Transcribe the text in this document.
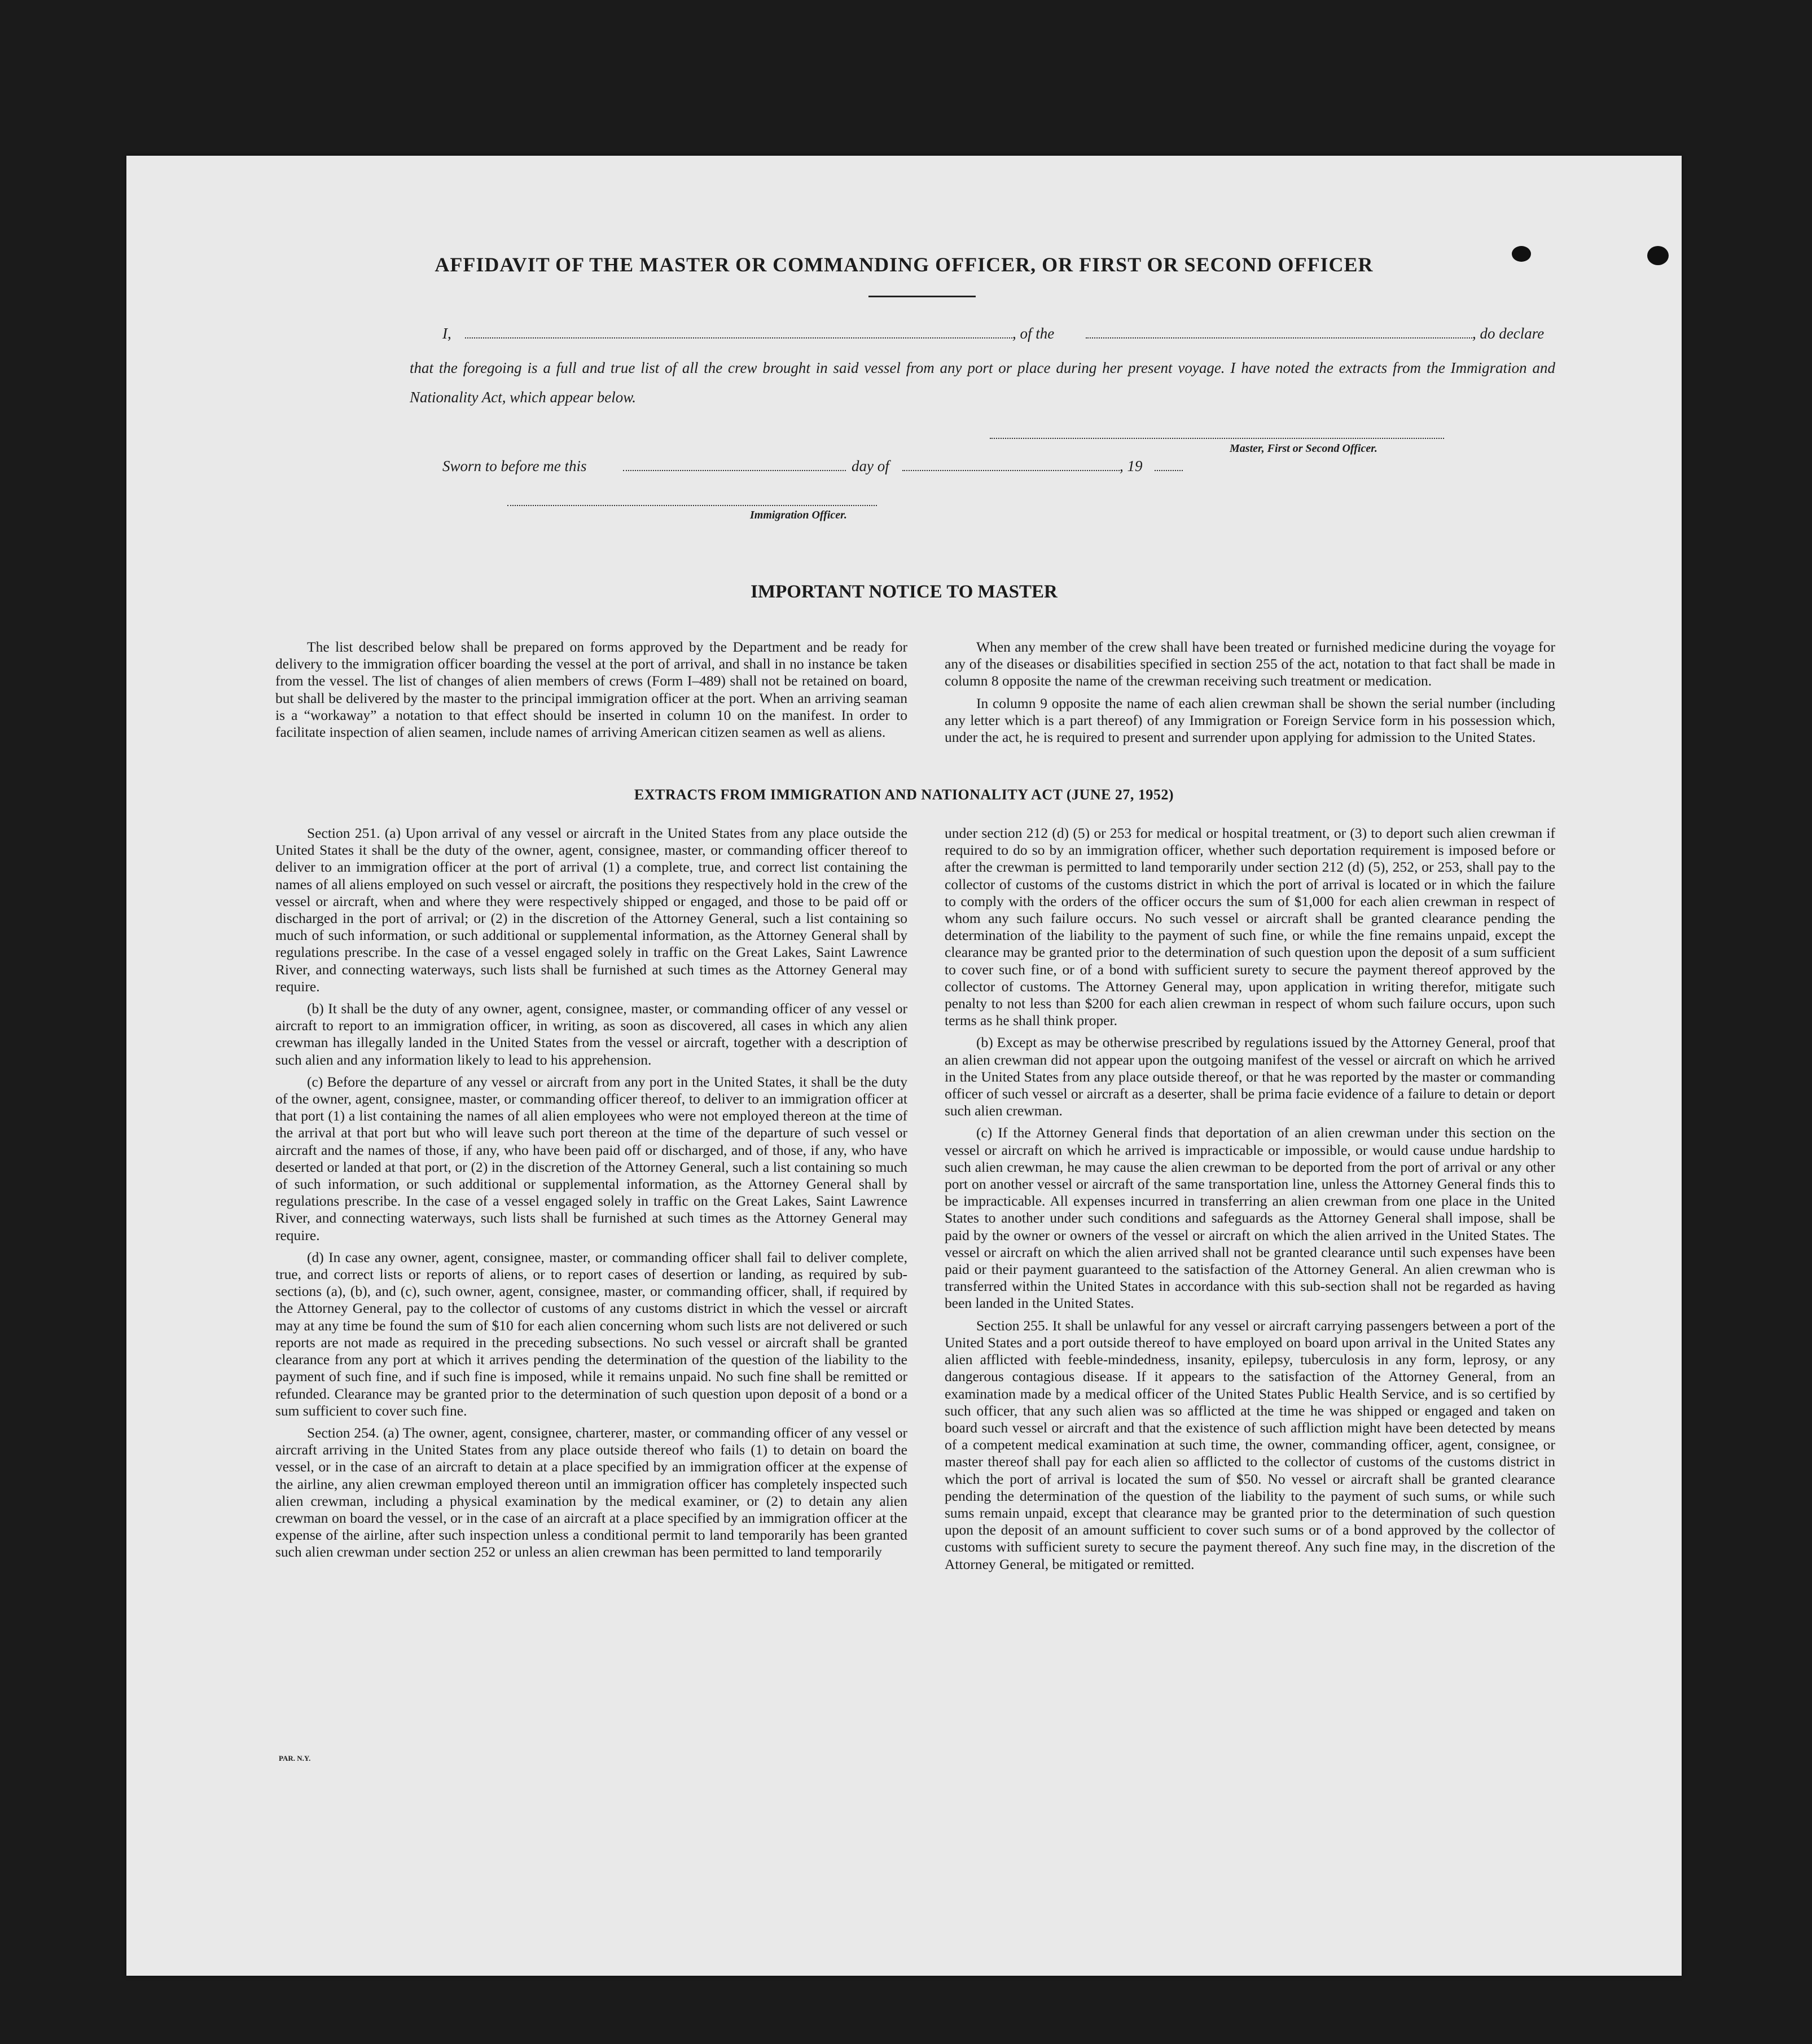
AFFIDAVIT OF THE MASTER OR COMMANDING OFFICER, OR FIRST OR SECOND OFFICER
I,	, of the	, do declare

that the foregoing is a full and true list of all the crew brought in said vessel from any port or place during her present voyage. I have noted the extracts from the Immigration and Nationality Act, which appear below.

Master, First or Second Officer.
Sworn to before me this	day of	, 19
Immigration Officer.
IMPORTANT NOTICE TO MASTER

The list described below shall be prepared on forms approved by the Department and be ready for delivery to the immigration officer boarding the vessel at the port of arrival, and shall in no instance be taken from the vessel. The list of changes of alien members of crews (Form I–489) shall not be retained on board, but shall be delivered by the master to the principal immigration officer at the port. When an arriving seaman is a “workaway” a notation to that effect should be inserted in column 10 on the manifest. In order to facilitate inspection of alien seamen, include names of arriving American citizen seamen as well as aliens.

When any member of the crew shall have been treated or furnished medicine during the voyage for any of the diseases or disabilities specified in section 255 of the act, notation to that fact shall be made in column 8 opposite the name of the crewman receiving such treatment or medication.

In column 9 opposite the name of each alien crewman shall be shown the serial number (including any letter which is a part thereof) of any Immigration or Foreign Service form in his possession which, under the act, he is required to present and surrender upon applying for admission to the United States.

EXTRACTS FROM IMMIGRATION AND NATIONALITY ACT (JUNE 27, 1952)

Section 251. (a) Upon arrival of any vessel or aircraft in the United States from any place outside the United States it shall be the duty of the owner, agent, consignee, master, or commanding officer thereof to deliver to an immigration officer at the port of arrival (1) a complete, true, and correct list containing the names of all aliens employed on such vessel or aircraft, the positions they respectively hold in the crew of the vessel or aircraft, when and where they were respectively shipped or engaged, and those to be paid off or discharged in the port of arrival; or (2) in the discretion of the Attorney General, such a list containing so much of such information, or such additional or supplemental information, as the Attorney General shall by regulations prescribe. In the case of a vessel engaged solely in traffic on the Great Lakes, Saint Lawrence River, and connecting waterways, such lists shall be furnished at such times as the Attorney General may require.

(b) It shall be the duty of any owner, agent, consignee, master, or commanding officer of any vessel or aircraft to report to an immigration officer, in writing, as soon as discovered, all cases in which any alien crewman has illegally landed in the United States from the vessel or aircraft, together with a description of such alien and any information likely to lead to his apprehension.

(c) Before the departure of any vessel or aircraft from any port in the United States, it shall be the duty of the owner, agent, consignee, master, or commanding officer thereof, to deliver to an immigration officer at that port (1) a list containing the names of all alien employees who were not employed thereon at the time of the arrival at that port but who will leave such port thereon at the time of the departure of such vessel or aircraft and the names of those, if any, who have been paid off or discharged, and of those, if any, who have deserted or landed at that port, or (2) in the discretion of the Attorney General, such a list containing so much of such information, or such additional or supplemental information, as the Attorney General shall by regulations prescribe. In the case of a vessel engaged solely in traffic on the Great Lakes, Saint Lawrence River, and connecting waterways, such lists shall be furnished at such times as the Attorney General may require.

(d) In case any owner, agent, consignee, master, or commanding officer shall fail to deliver complete, true, and correct lists or reports of aliens, or to report cases of desertion or landing, as required by sub-sections (a), (b), and (c), such owner, agent, consignee, master, or commanding officer, shall, if required by the Attorney General, pay to the collector of customs of any customs district in which the vessel or aircraft may at any time be found the sum of $10 for each alien concerning whom such lists are not delivered or such reports are not made as required in the preceding subsections. No such vessel or aircraft shall be granted clearance from any port at which it arrives pending the determination of the question of the liability to the payment of such fine, and if such fine is imposed, while it remains unpaid. No such fine shall be remitted or refunded. Clearance may be granted prior to the determination of such question upon deposit of a bond or a sum sufficient to cover such fine.

Section 254. (a) The owner, agent, consignee, charterer, master, or commanding officer of any vessel or aircraft arriving in the United States from any place outside thereof who fails (1) to detain on board the vessel, or in the case of an aircraft to detain at a place specified by an immigration officer at the expense of the airline, any alien crewman employed thereon until an immigration officer has completely inspected such alien crewman, including a physical examination by the medical examiner, or (2) to detain any alien crewman on board the vessel, or in the case of an aircraft at a place specified by an immigration officer at the expense of the airline, after such inspection unless a conditional permit to land temporarily has been granted such alien crewman under section 252 or unless an alien crewman has been permitted to land temporarily

under section 212 (d) (5) or 253 for medical or hospital treatment, or (3) to deport such alien crewman if required to do so by an immigration officer, whether such deportation requirement is imposed before or after the crewman is permitted to land temporarily under section 212 (d) (5), 252, or 253, shall pay to the collector of customs of the customs district in which the port of arrival is located or in which the failure to comply with the orders of the officer occurs the sum of $1,000 for each alien crewman in respect of whom any such failure occurs. No such vessel or aircraft shall be granted clearance pending the determination of the liability to the payment of such fine, or while the fine remains unpaid, except the clearance may be granted prior to the determination of such question upon the deposit of a sum sufficient to cover such fine, or of a bond with sufficient surety to secure the payment thereof approved by the collector of customs. The Attorney General may, upon application in writing therefor, mitigate such penalty to not less than $200 for each alien crewman in respect of whom such failure occurs, upon such terms as he shall think proper.

(b) Except as may be otherwise prescribed by regulations issued by the Attorney General, proof that an alien crewman did not appear upon the outgoing manifest of the vessel or aircraft on which he arrived in the United States from any place outside thereof, or that he was reported by the master or commanding officer of such vessel or aircraft as a deserter, shall be prima facie evidence of a failure to detain or deport such alien crewman.

(c) If the Attorney General finds that deportation of an alien crewman under this section on the vessel or aircraft on which he arrived is impracticable or impossible, or would cause undue hardship to such alien crewman, he may cause the alien crewman to be deported from the port of arrival or any other port on another vessel or aircraft of the same transportation line, unless the Attorney General finds this to be impracticable. All expenses incurred in transferring an alien crewman from one place in the United States to another under such conditions and safeguards as the Attorney General shall impose, shall be paid by the owner or owners of the vessel or aircraft on which the alien arrived in the United States. The vessel or aircraft on which the alien arrived shall not be granted clearance until such expenses have been paid or their payment guaranteed to the satisfaction of the Attorney General. An alien crewman who is transferred within the United States in accordance with this sub-section shall not be regarded as having been landed in the United States.

Section 255. It shall be unlawful for any vessel or aircraft carrying passengers between a port of the United States and a port outside thereof to have employed on board upon arrival in the United States any alien afflicted with feeble-mindedness, insanity, epilepsy, tuberculosis in any form, leprosy, or any dangerous contagious disease. If it appears to the satisfaction of the Attorney General, from an examination made by a medical officer of the United States Public Health Service, and is so certified by such officer, that any such alien was so afflicted at the time he was shipped or engaged and taken on board such vessel or aircraft and that the existence of such affliction might have been detected by means of a competent medical examination at such time, the owner, commanding officer, agent, consignee, or master thereof shall pay for each alien so afflicted to the collector of customs of the customs district in which the port of arrival is located the sum of $50. No vessel or aircraft shall be granted clearance pending the determination of the question of the liability to the payment of such sums, or while such sums remain unpaid, except that clearance may be granted prior to the determination of such question upon the deposit of an amount sufficient to cover such sums or of a bond approved by the collector of customs with sufficient surety to secure the payment thereof. Any such fine may, in the discretion of the Attorney General, be mitigated or remitted.

PAR. N.Y.
